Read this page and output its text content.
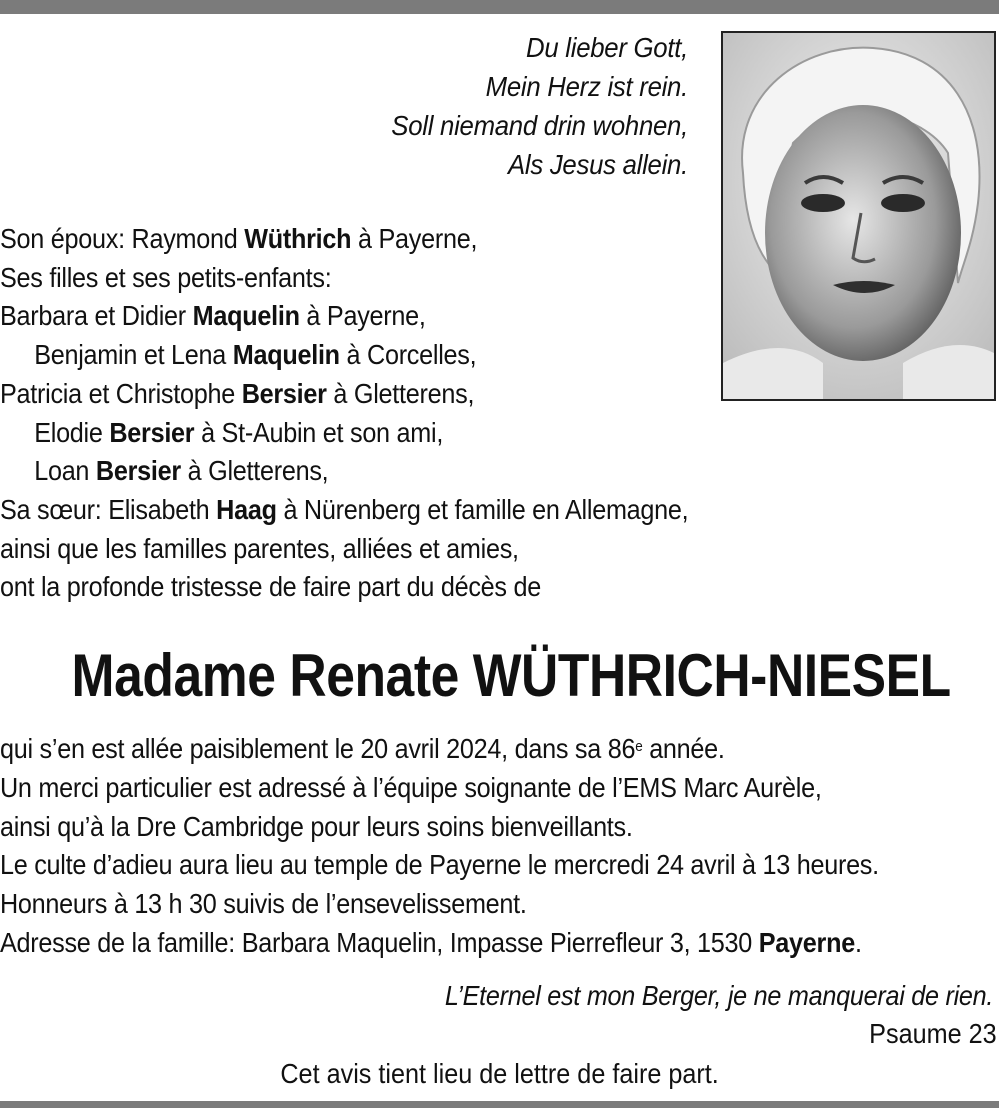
Du lieber Gott,
Mein Herz ist rein.
Soll niemand drin wohnen,
Als Jesus allein.
Son époux: Raymond Wüthrich à Payerne,
Ses filles et ses petits-enfants:
Barbara et Didier Maquelin à Payerne,
Benjamin et Lena Maquelin à Corcelles,
Patricia et Christophe Bersier à Gletterens,
Elodie Bersier à St-Aubin et son ami,
Loan Bersier à Gletterens,
Sa sœur: Elisabeth Haag à Nürenberg et famille en Allemagne,
ainsi que les familles parentes, alliées et amies,
ont la profonde tristesse de faire part du décès de
Madame Renate WÜTHRICH-NIESEL
qui s’en est allée paisiblement le 20 avril 2024, dans sa 86e année.
Un merci particulier est adressé à l’équipe soignante de l’EMS Marc Aurèle,
ainsi qu’à la Dre Cambridge pour leurs soins bienveillants.
Le culte d’adieu aura lieu au temple de Payerne le mercredi 24 avril à 13 heures.
Honneurs à 13 h 30 suivis de l’ensevelissement.
Adresse de la famille: Barbara Maquelin, Impasse Pierrefleur 3, 1530 Payerne.
L’Eternel est mon Berger, je ne manquerai de rien.
Psaume 23
Cet avis tient lieu de lettre de faire part.
